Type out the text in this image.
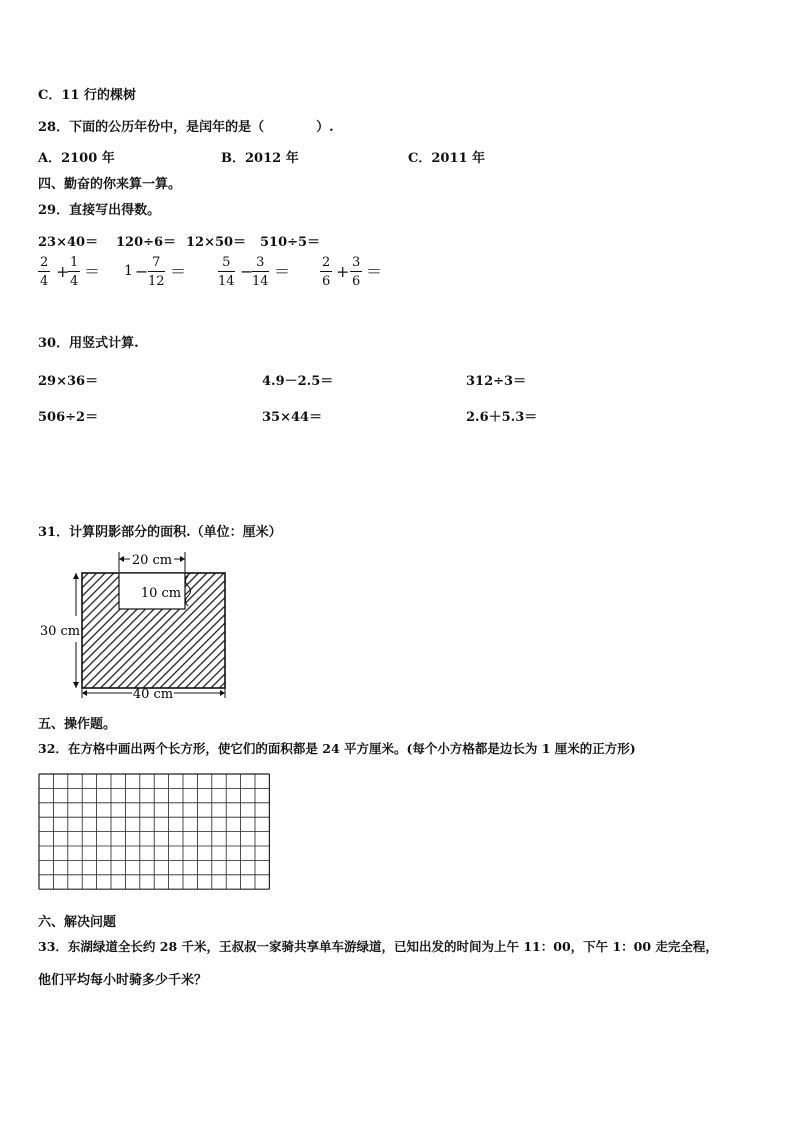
C．11 行的棵树
28．下面的公历年份中，是闰年的是（　　　　）.
A．2100 年	B．2012 年	C．2011 年
四、勤奋的你来算一算。
29．直接写出得数。
23×40＝ 120÷6＝ 12×50＝ 510÷5＝
$\frac{2}{4}$ +
$\frac{1}{4} = 1 - \frac{7}{12} = \frac{5}{14}$ −
$\frac{3}{14} = \frac{2}{6} + \frac{3}{6}$ ＝
30．用竖式计算.
29×36＝	4.9－2.5＝	312÷3＝
506÷2＝	35×44＝	2.6＋5.3＝
31．计算阴影部分的面积.（单位：厘米）
20 cm
10 cm
30 cm
40 cm
五、操作题。
32．在方格中画出两个长方形，使它们的面积都是 24 平方厘米。(每个小方格都是边长为 1 厘米的正方形)
六、解决问题
33．东湖绿道全长约 28 千米，王叔叔一家骑共享单车游绿道，已知出发的时间为上午 11：00，下午 1：00 走完全程，
他们平均每小时骑多少千米？
